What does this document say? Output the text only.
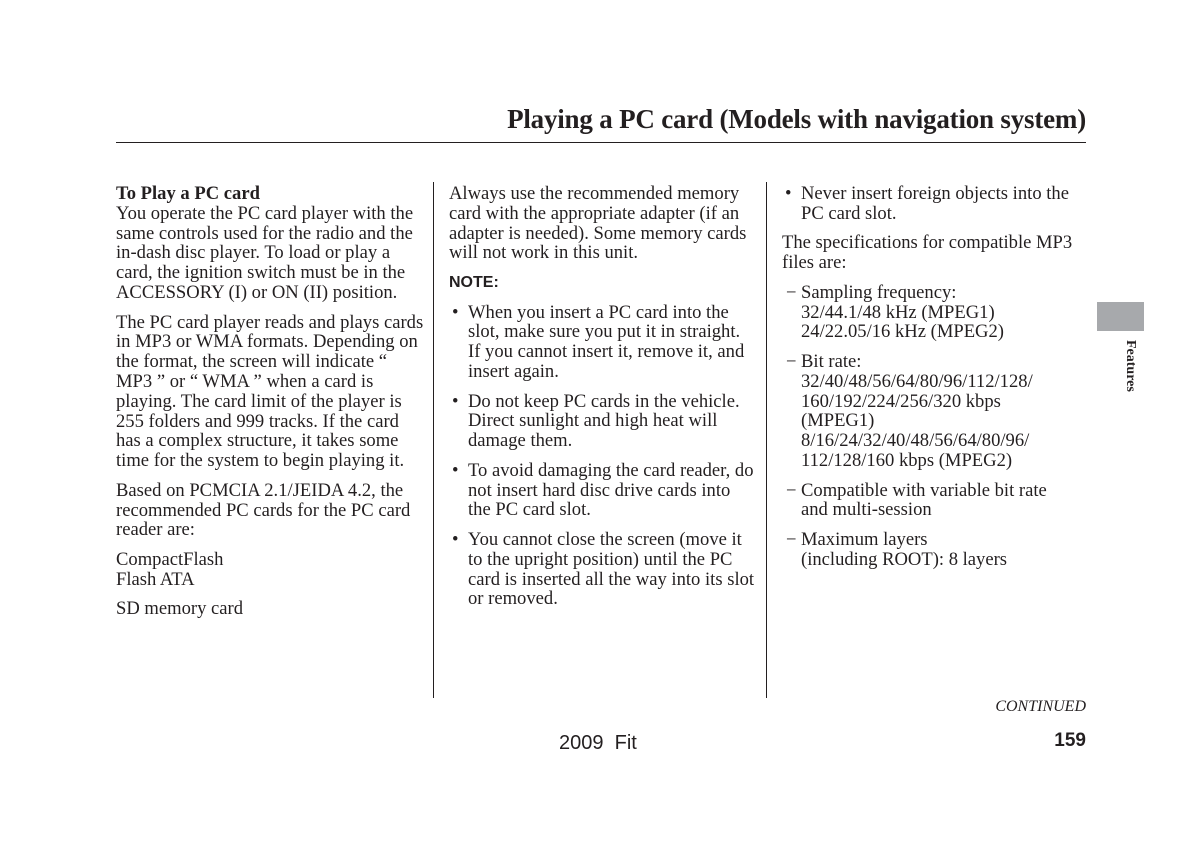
Playing a PC card (Models with navigation system)

To Play a PC card

You operate the PC card player with the same controls used for the radio and the in-dash disc player. To load or play a card, the ignition switch must be in the ACCESSORY (I) or ON (II) position.

The PC card player reads and plays cards in MP3 or WMA formats. Depending on the format, the screen will indicate “ MP3 ” or “ WMA ” when a card is playing. The card limit of the player is 255 folders and 999 tracks. If the card has a complex structure, it takes some time for the system to begin playing it.

Based on PCMCIA 2.1/JEIDA 4.2, the recommended PC cards for the PC card reader are:

CompactFlash

Flash ATA

SD memory card

Always use the recommended memory card with the appropriate adapter (if an adapter is needed). Some memory cards will not work in this unit.

NOTE:
• When you insert a PC card into the slot, make sure you put it in straight. If you cannot insert it, remove it, and insert again.
• Do not keep PC cards in the vehicle. Direct sunlight and high heat will damage them.
• To avoid damaging the card reader, do not insert hard disc drive cards into the PC card slot.
• You cannot close the screen (move it to the upright position) until the PC card is inserted all the way into its slot or removed.
• Never insert foreign objects into the PC card slot.

The specifications for compatible MP3 files are:

− Sampling frequency:
32/44.1/48 kHz (MPEG1)
24/22.05/16 kHz (MPEG2)
− Bit rate:
32/40/48/56/64/80/96/112/128/
160/192/224/256/320 kbps
(MPEG1)
8/16/24/32/40/48/56/64/80/96/
112/128/160 kbps (MPEG2)
− Compatible with variable bit rate
and multi-session
− Maximum layers
(including ROOT): 8 layers
Features
CONTINUED
2009  Fit	159
